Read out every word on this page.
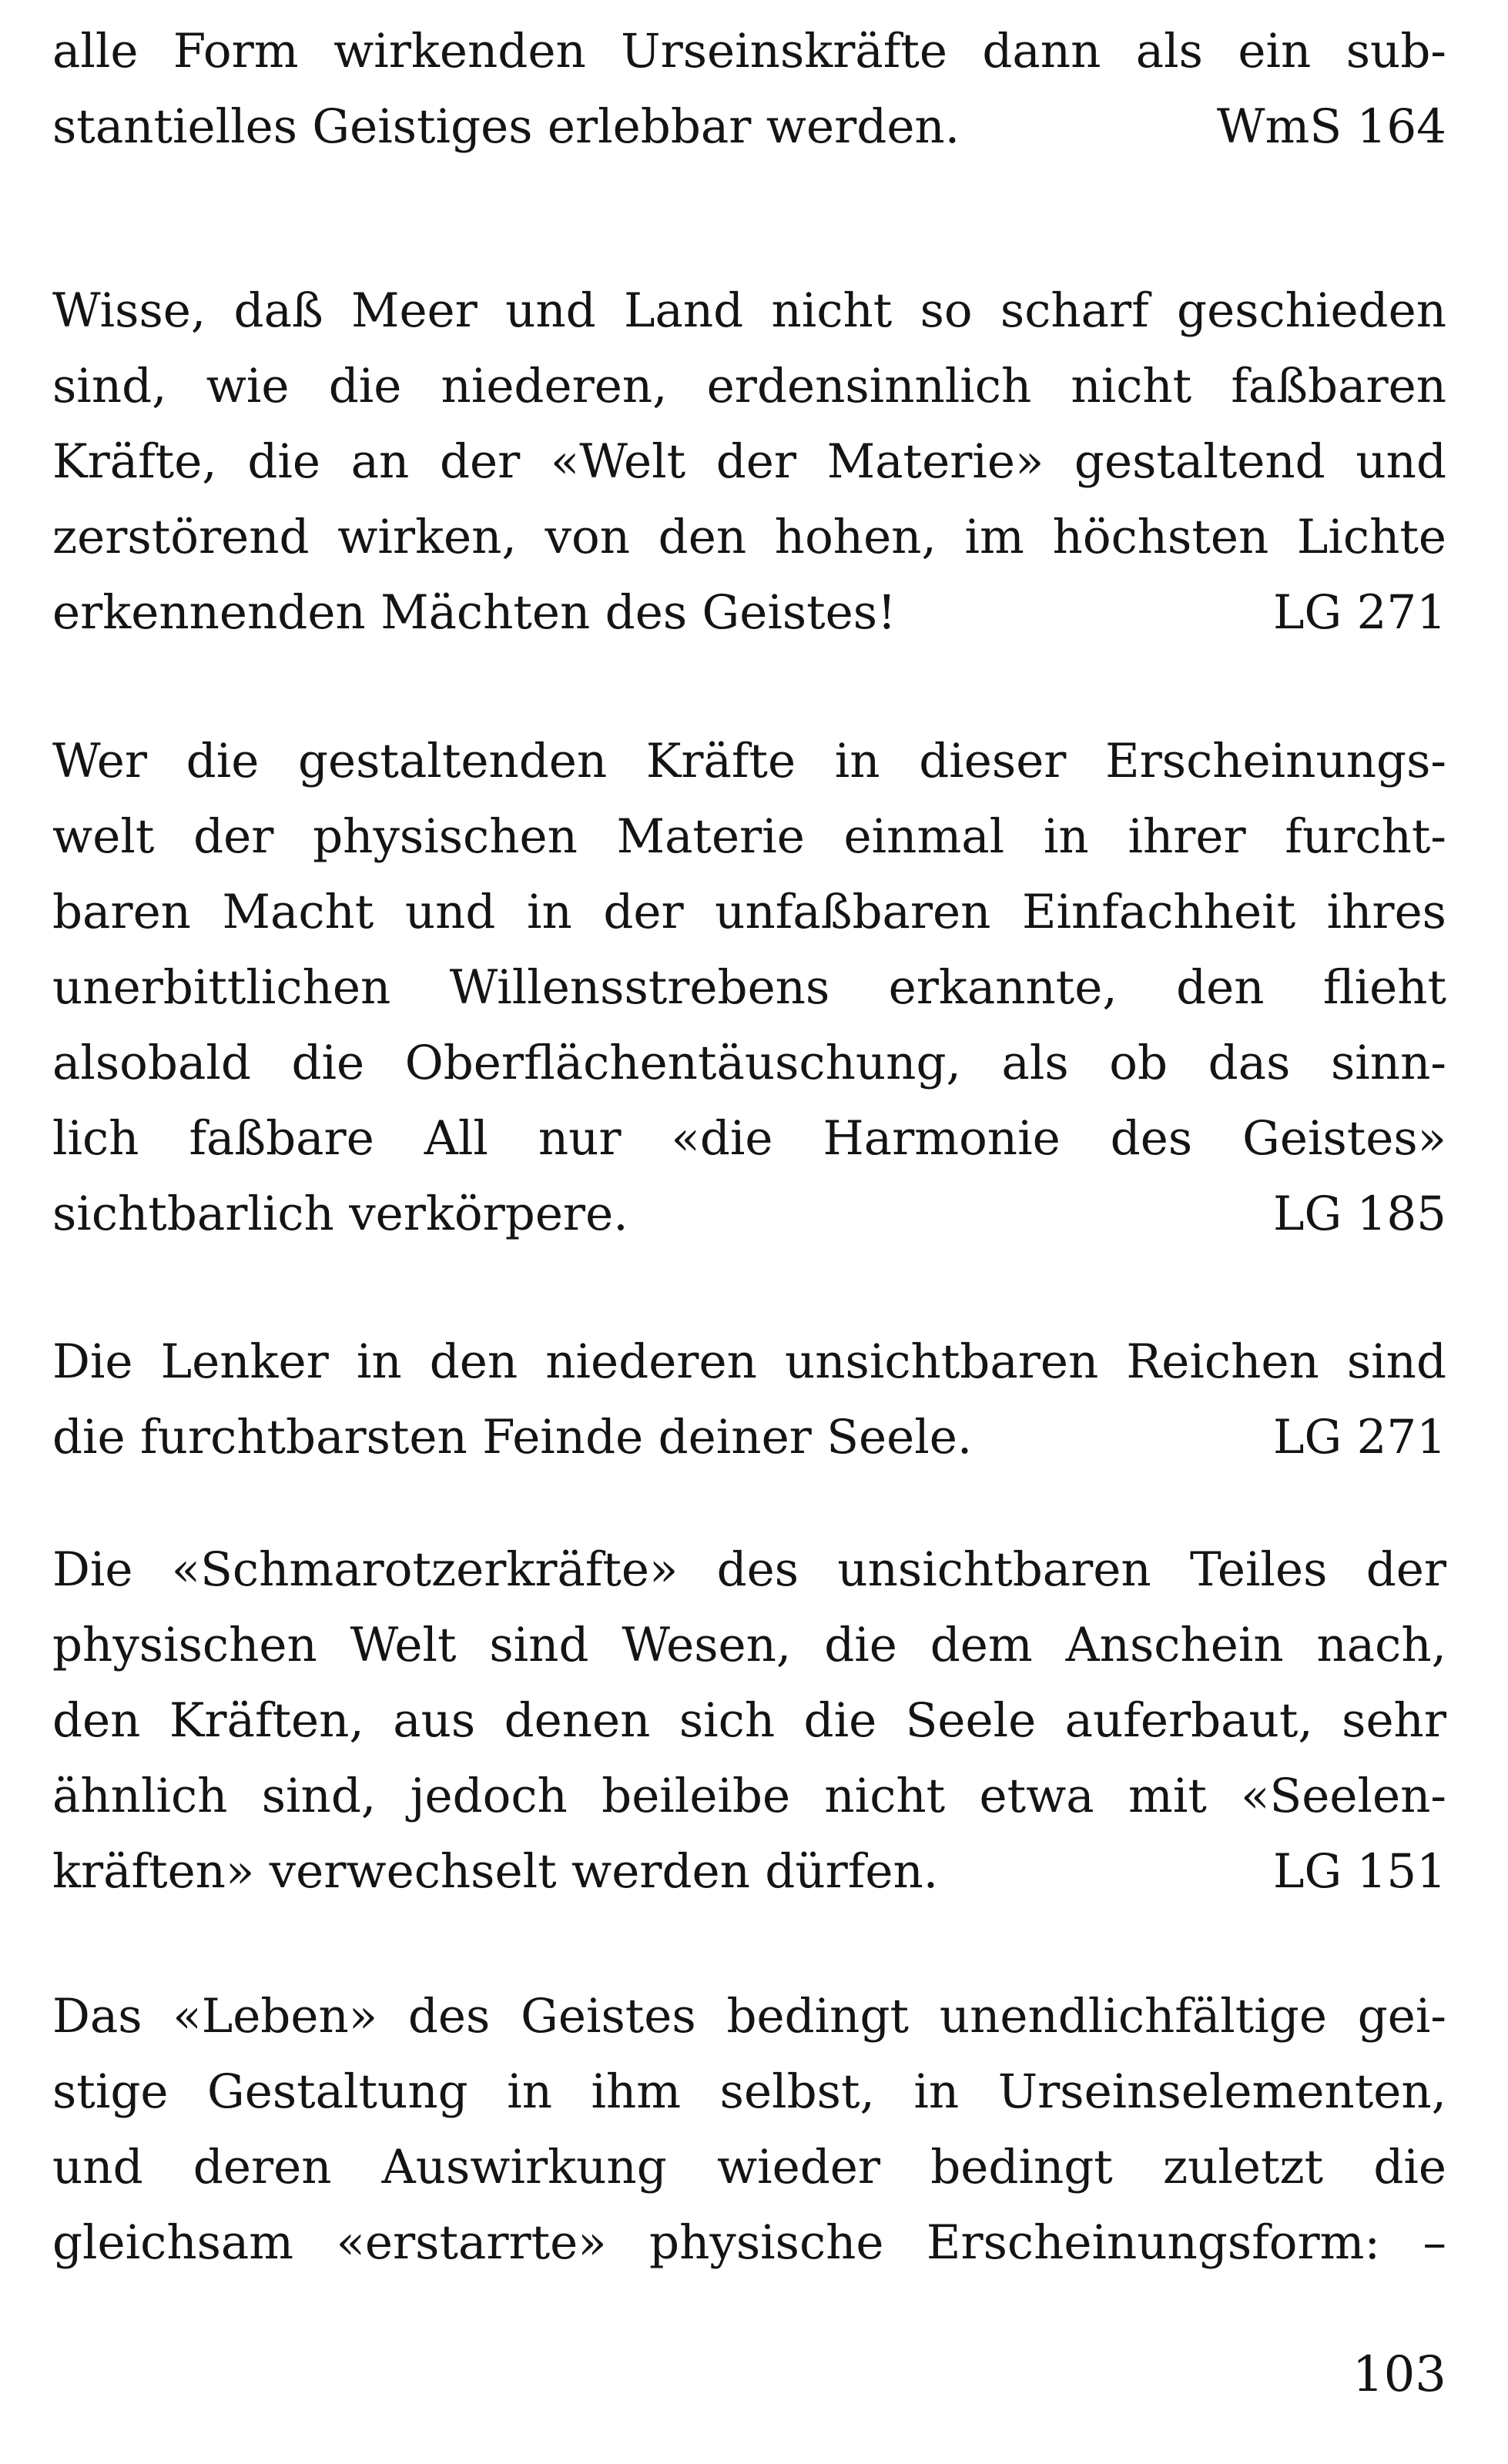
alle Form wirkenden Urseinskräfte dann als ein sub-
stantielles Geistiges erlebbar werden.	WmS 164
Wisse, daß Meer und Land nicht so scharf geschieden
sind, wie die niederen, erdensinnlich nicht faßbaren
Kräfte, die an der «Welt der Materie» gestaltend und
zerstörend wirken, von den hohen, im höchsten Lichte
erkennenden Mächten des Geistes!	LG 271
Wer die gestaltenden Kräfte in dieser Erscheinungs-
welt der physischen Materie einmal in ihrer furcht-
baren Macht und in der unfaßbaren Einfachheit ihres
unerbittlichen Willensstrebens erkannte, den flieht
alsobald die Oberflächentäuschung, als ob das sinn-
lich faßbare All nur «die Harmonie des Geistes»
sichtbarlich verkörpere.	LG 185
Die Lenker in den niederen unsichtbaren Reichen sind
die furchtbarsten Feinde deiner Seele.	LG 271
Die «Schmarotzerkräfte» des unsichtbaren Teiles der
physischen Welt sind Wesen, die dem Anschein nach,
den Kräften, aus denen sich die Seele auferbaut, sehr
ähnlich sind, jedoch beileibe nicht etwa mit «Seelen-
kräften» verwechselt werden dürfen.	LG 151
Das «Leben» des Geistes bedingt unendlichfältige gei-
stige Gestaltung in ihm selbst, in Urseinselementen,
und deren Auswirkung wieder bedingt zuletzt die
gleichsam «erstarrte» physische Erscheinungsform: –
103
